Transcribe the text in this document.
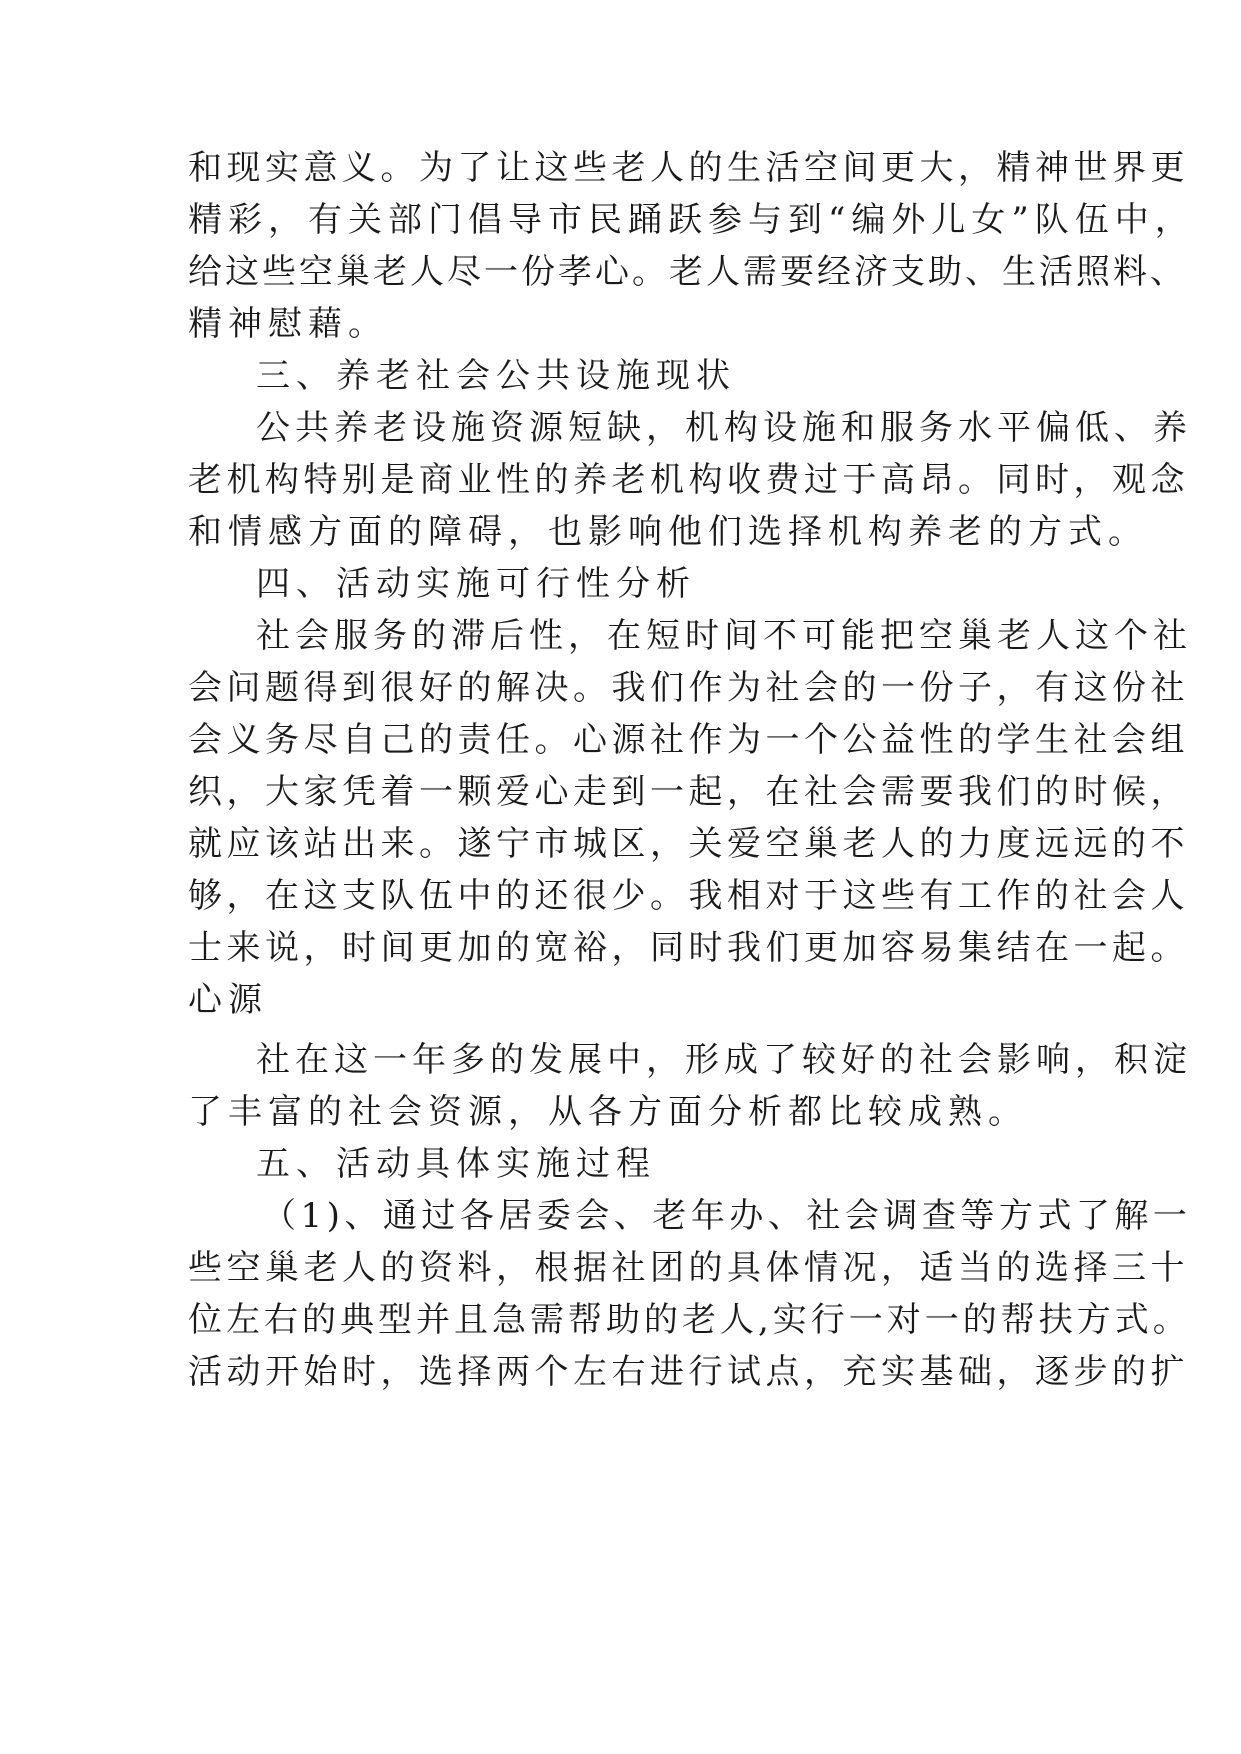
和现实意义。为了让这些老人的生活空间更大，精神世界更
精彩，有关部门倡导市民踊跃参与到“编外儿女”队伍中，
给这些空巢老人尽一份孝心。老人需要经济支助、生活照料、
精神慰藉。
三、养老社会公共设施现状
公共养老设施资源短缺，机构设施和服务水平偏低、养
老机构特别是商业性的养老机构收费过于高昂。同时，观念
和情感方面的障碍，也影响他们选择机构养老的方式。
四、活动实施可行性分析
社会服务的滞后性，在短时间不可能把空巢老人这个社
会问题得到很好的解决。我们作为社会的一份子，有这份社
会义务尽自己的责任。心源社作为一个公益性的学生社会组
织，大家凭着一颗爱心走到一起，在社会需要我们的时候，
就应该站出来。遂宁市城区，关爱空巢老人的力度远远的不
够，在这支队伍中的还很少。我相对于这些有工作的社会人
士来说，时间更加的宽裕，同时我们更加容易集结在一起。
心源
社在这一年多的发展中，形成了较好的社会影响，积淀
了丰富的社会资源，从各方面分析都比较成熟。
五、活动具体实施过程
（1)、通过各居委会、老年办、社会调查等方式了解一
些空巢老人的资料，根据社团的具体情况，适当的选择三十
位左右的典型并且急需帮助的老人,实行一对一的帮扶方式。
活动开始时，选择两个左右进行试点，充实基础，逐步的扩
